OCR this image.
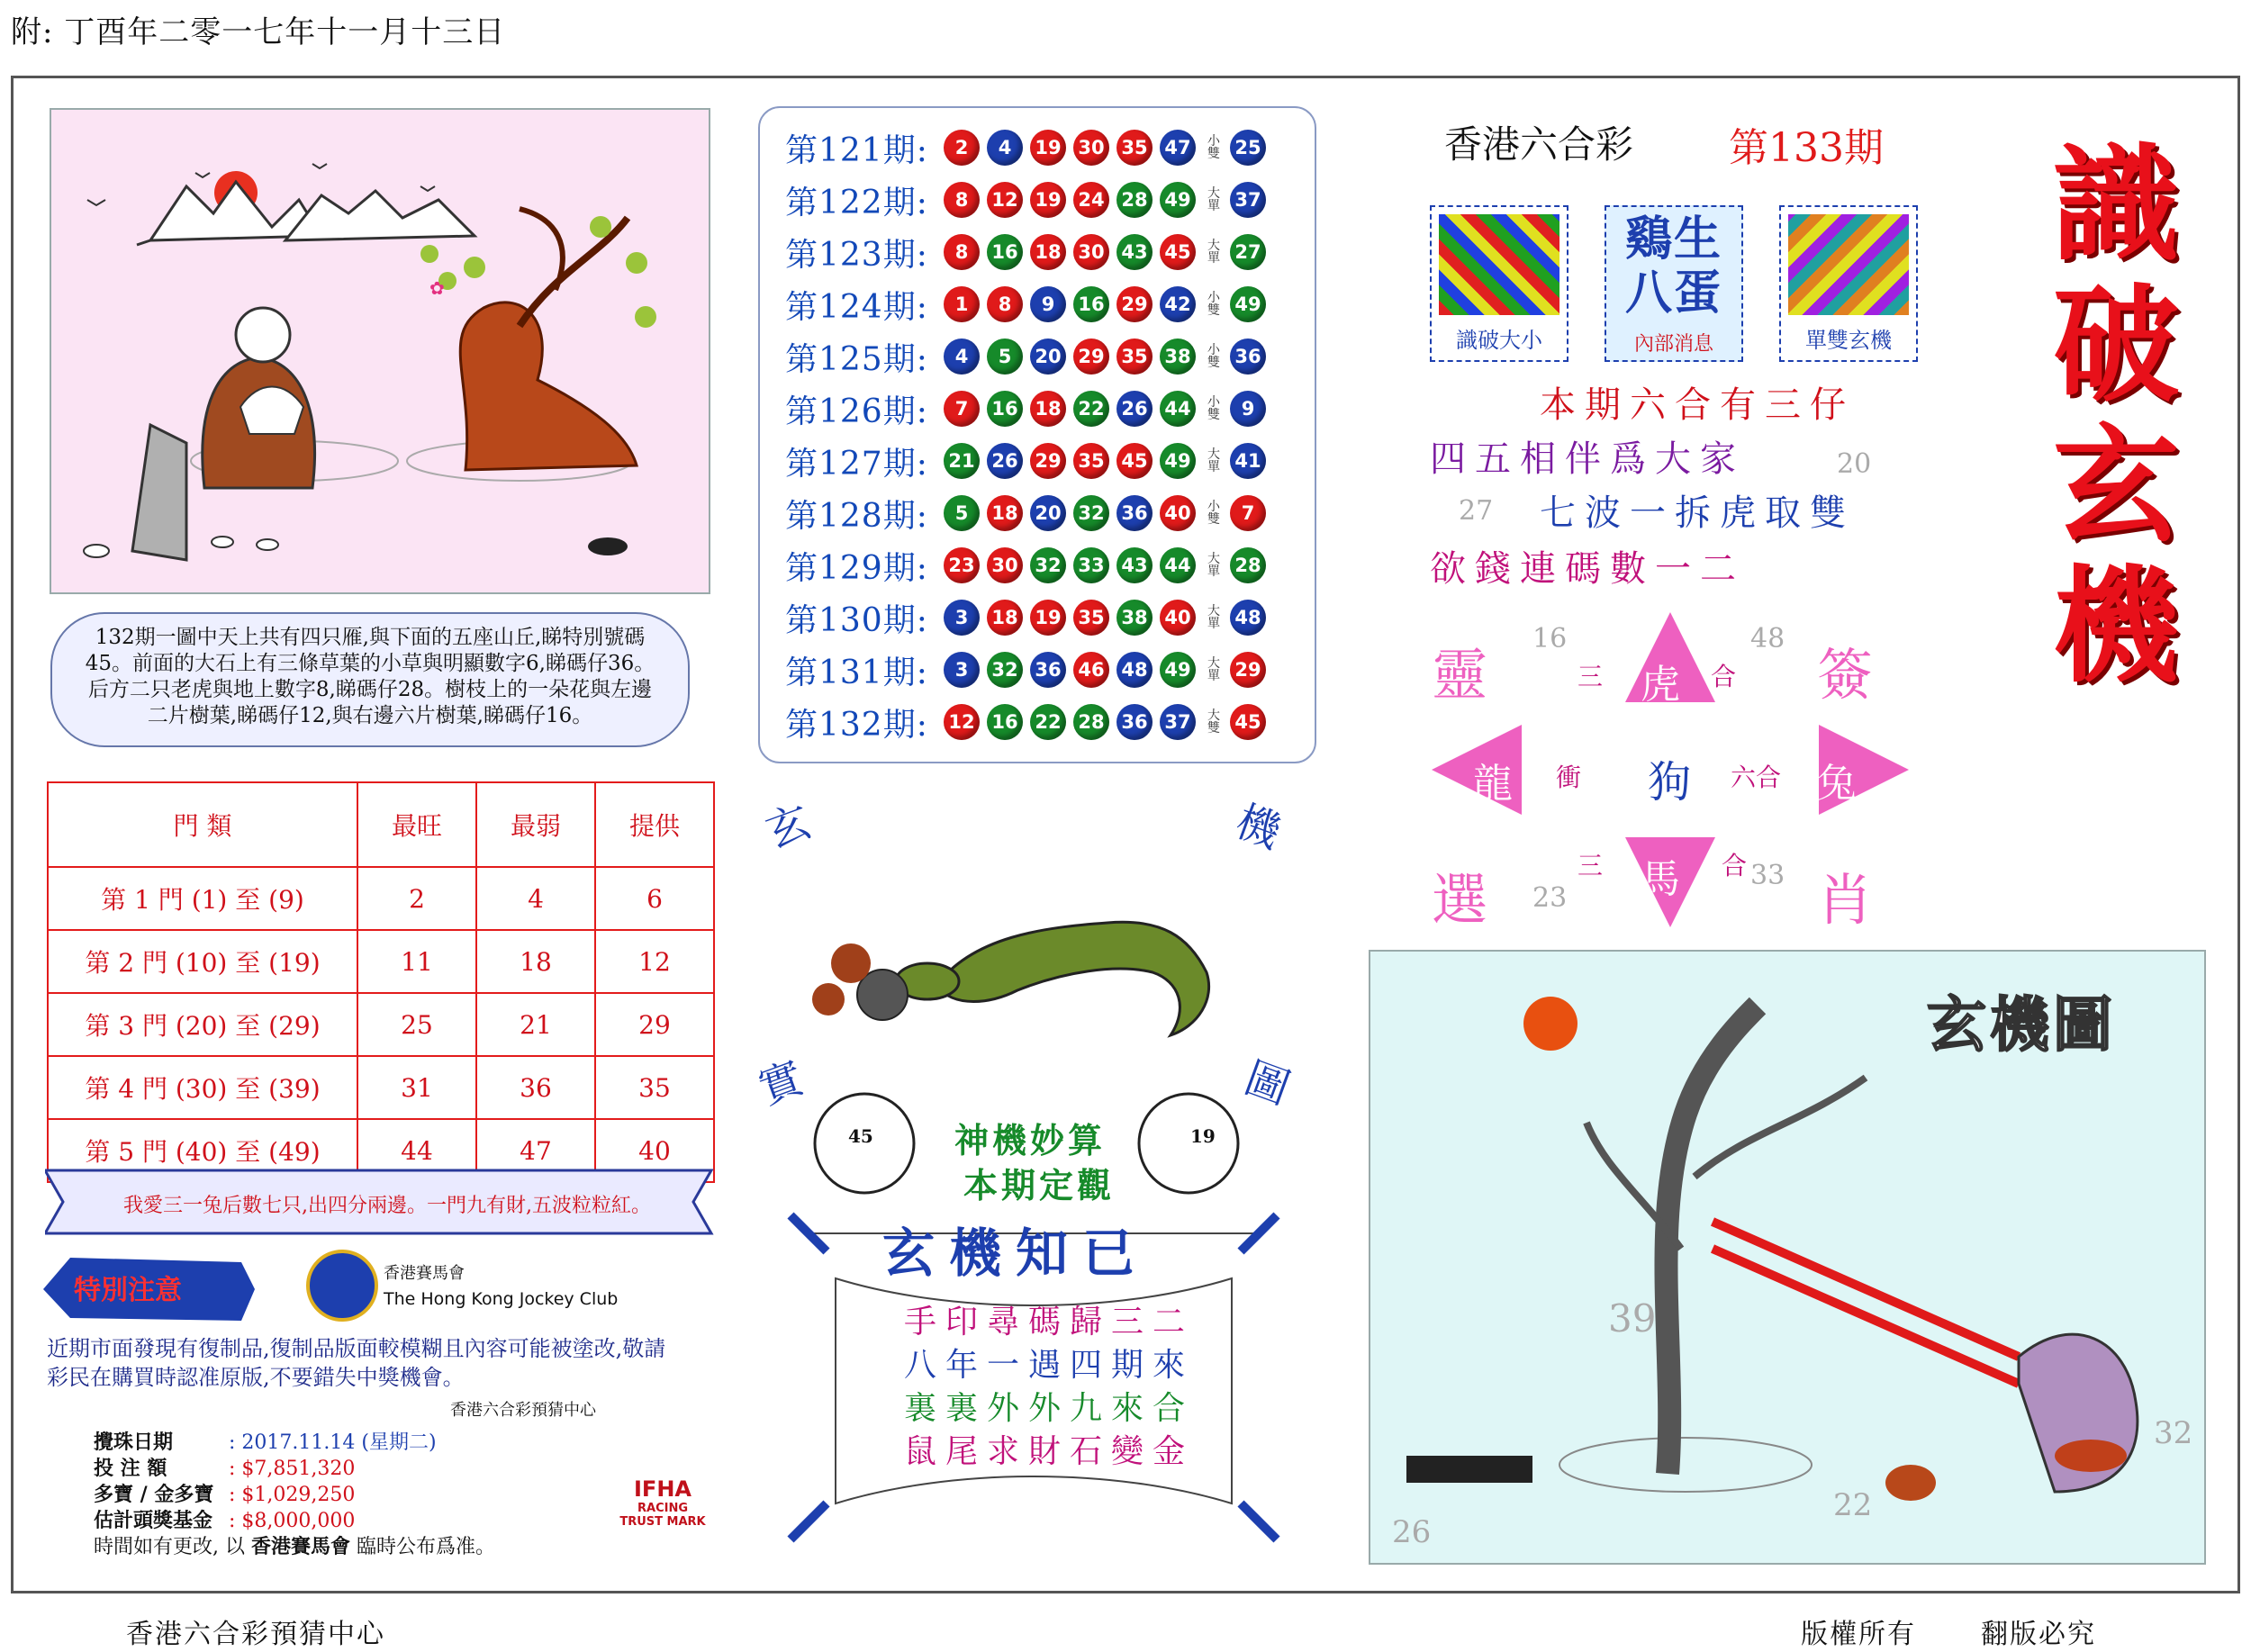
附: 丁酉年二零一七年十一月十三日
✿
132期一圖中天上共有四只雁,與下面的五座山丘,睇特別號碼45。前面的大石上有三條草葉的小草與明顯數字6,睇碼仔36。后方二只老虎與地上數字8,睇碼仔28。樹枝上的一朵花與左邊二片樹葉,睇碼仔12,與右邊六片樹葉,睇碼仔16。
門 類	最旺	最弱	提供
第 1 門 (1) 至 (9)	2	4	6
第 2 門 (10) 至 (19)	11	18	12
第 3 門 (20) 至 (29)	25	21	29
第 4 門 (30) 至 (39)	31	36	35
第 5 門 (40) 至 (49)	44	47	40
我愛三一兔后數七只,出四分兩邊。一門九有財,五波粒粒紅。
特別注意
香港賽馬會
The Hong Kong Jockey Club
近期市面發現有復制品,復制品版面較模糊且內容可能被塗改,敬請彩民在購買時認准原版,不要錯失中獎機會。
香港六合彩預猜中心
攪珠日期	: 2017.11.14 (星期二)
投 注 額	: $7,851,320
多寶 / 金多寶 : $1,029,250
估計頭獎基金 : $8,000,000
時間如有更改, 以 香港賽馬會 臨時公布爲准。
IFHA
RACING
TRUST MARK
第121期:	2	4	19 30 35 47	小雙 25
第122期:	8	12 19 24 28 49	大單 37
第123期:	8	16 18 30 43 45	大單 27
第124期:	1	8	9	16 29 42	小雙 49
第125期:	4	5	20 29 35 38	小雙 36
第126期:	7	16 18 22 26 44	小雙	9
第127期:	21 26 29 35 45 49	大單 41
第128期:	5	18 20 32 36 40	小雙	7
第129期:	23 30 32 33 43 44	大單 28
第130期:	3	18 19 35 38 40	大單 48
第131期:	3	32 36 46 48 49	大單 29
第132期:	12 16 22 28 36 37	大雙 45
玄	機
實	圖
45	19
神機妙算
本期定觀
玄機知已
手印尋碼歸三二
八年一遇四期來
裏裏外外九來合
鼠尾求財石變金
香港六合彩 第133期
識破大小
鷄生八蛋
內部消息	單雙玄機
識
破
玄
機
本期六合有三仔
四五相伴爲大家	20
27 七波一拆虎取雙
欲錢連碼數一二
虎
狗
馬
龍	兔
靈	簽
選	肖
三	合
衝	六合
三	合
16	48
23
33
玄機圖
39
32
22
26
香港六合彩預猜中心	版權所有 翻版必究
